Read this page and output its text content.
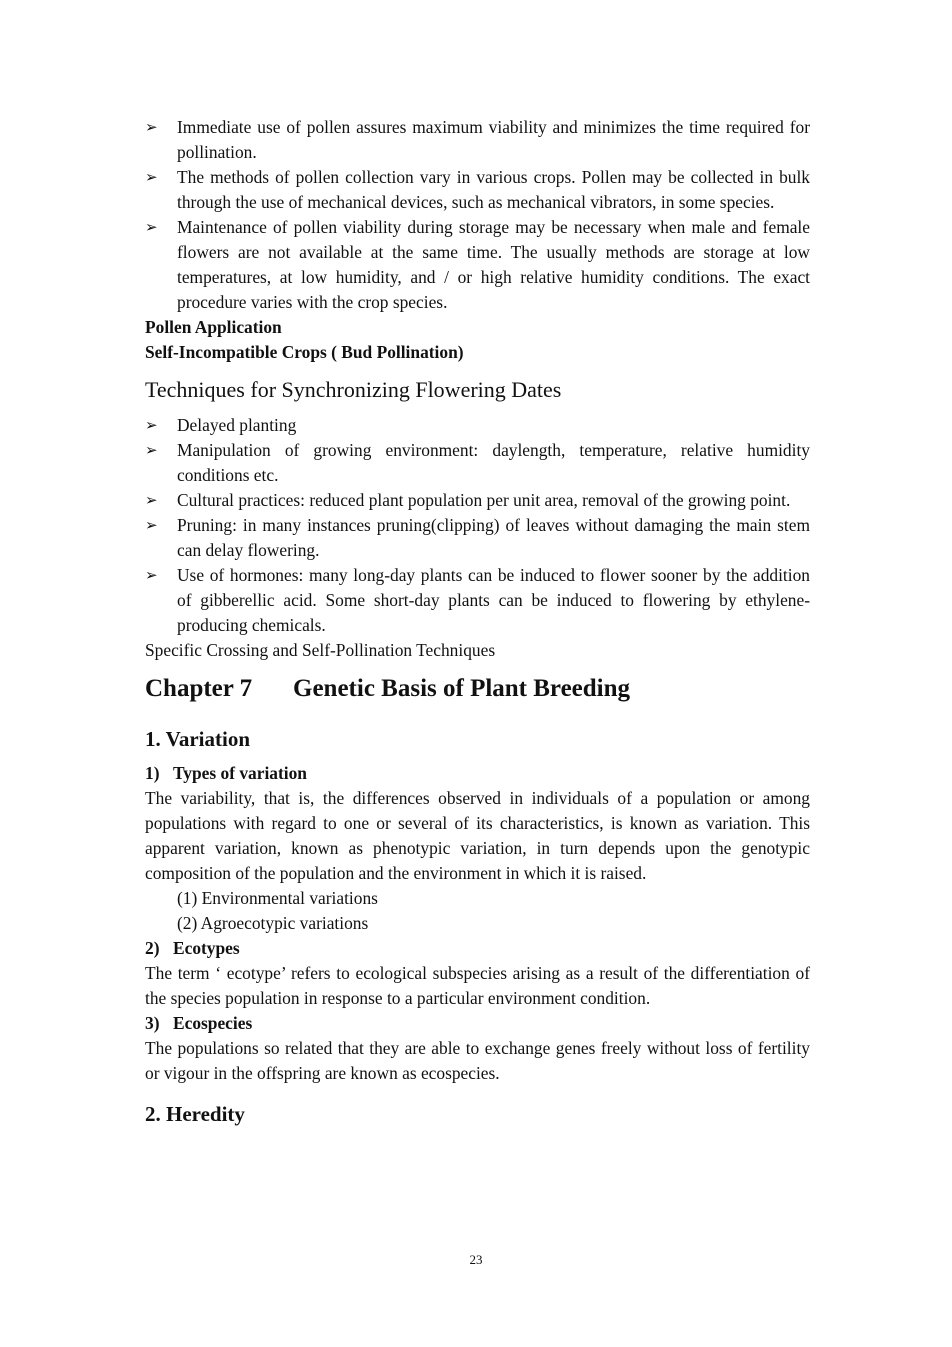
➢ Immediate use of pollen assures maximum viability and minimizes the time required for pollination.
➢ The methods of pollen collection vary in various crops. Pollen may be collected in bulk through the use of mechanical devices, such as mechanical vibrators, in some species.
➢ Maintenance of pollen viability during storage may be necessary when male and female flowers are not available at the same time. The usually methods are storage at low temperatures, at low humidity, and / or high relative humidity conditions. The exact procedure varies with the crop species.
Pollen Application
Self-Incompatible Crops ( Bud Pollination)
Techniques for Synchronizing Flowering Dates
➢ Delayed planting
➢ Manipulation of growing environment: daylength, temperature, relative humidity conditions etc.
➢ Cultural practices: reduced plant population per unit area, removal of the growing point.
➢ Pruning: in many instances pruning(clipping) of leaves without damaging the main stem can delay flowering.
➢ Use of hormones: many long-day plants can be induced to flower sooner by the addition of gibberellic acid. Some short-day plants can be induced to flowering by ethylene-producing chemicals.
Specific Crossing and Self-Pollination Techniques
Chapter 7 Genetic Basis of Plant Breeding
1. Variation
1) Types of variation
The variability, that is, the differences observed in individuals of a population or among populations with regard to one or several of its characteristics, is known as variation. This apparent variation, known as phenotypic variation, in turn depends upon the genotypic composition of the population and the environment in which it is raised.
(1) Environmental variations
(2) Agroecotypic variations
2) Ecotypes
The term ‘ ecotype’ refers to ecological subspecies arising as a result of the differentiation of the species population in response to a particular environment condition.
3) Ecospecies
The populations so related that they are able to exchange genes freely without loss of fertility or vigour in the offspring are known as ecospecies.
2. Heredity
23
